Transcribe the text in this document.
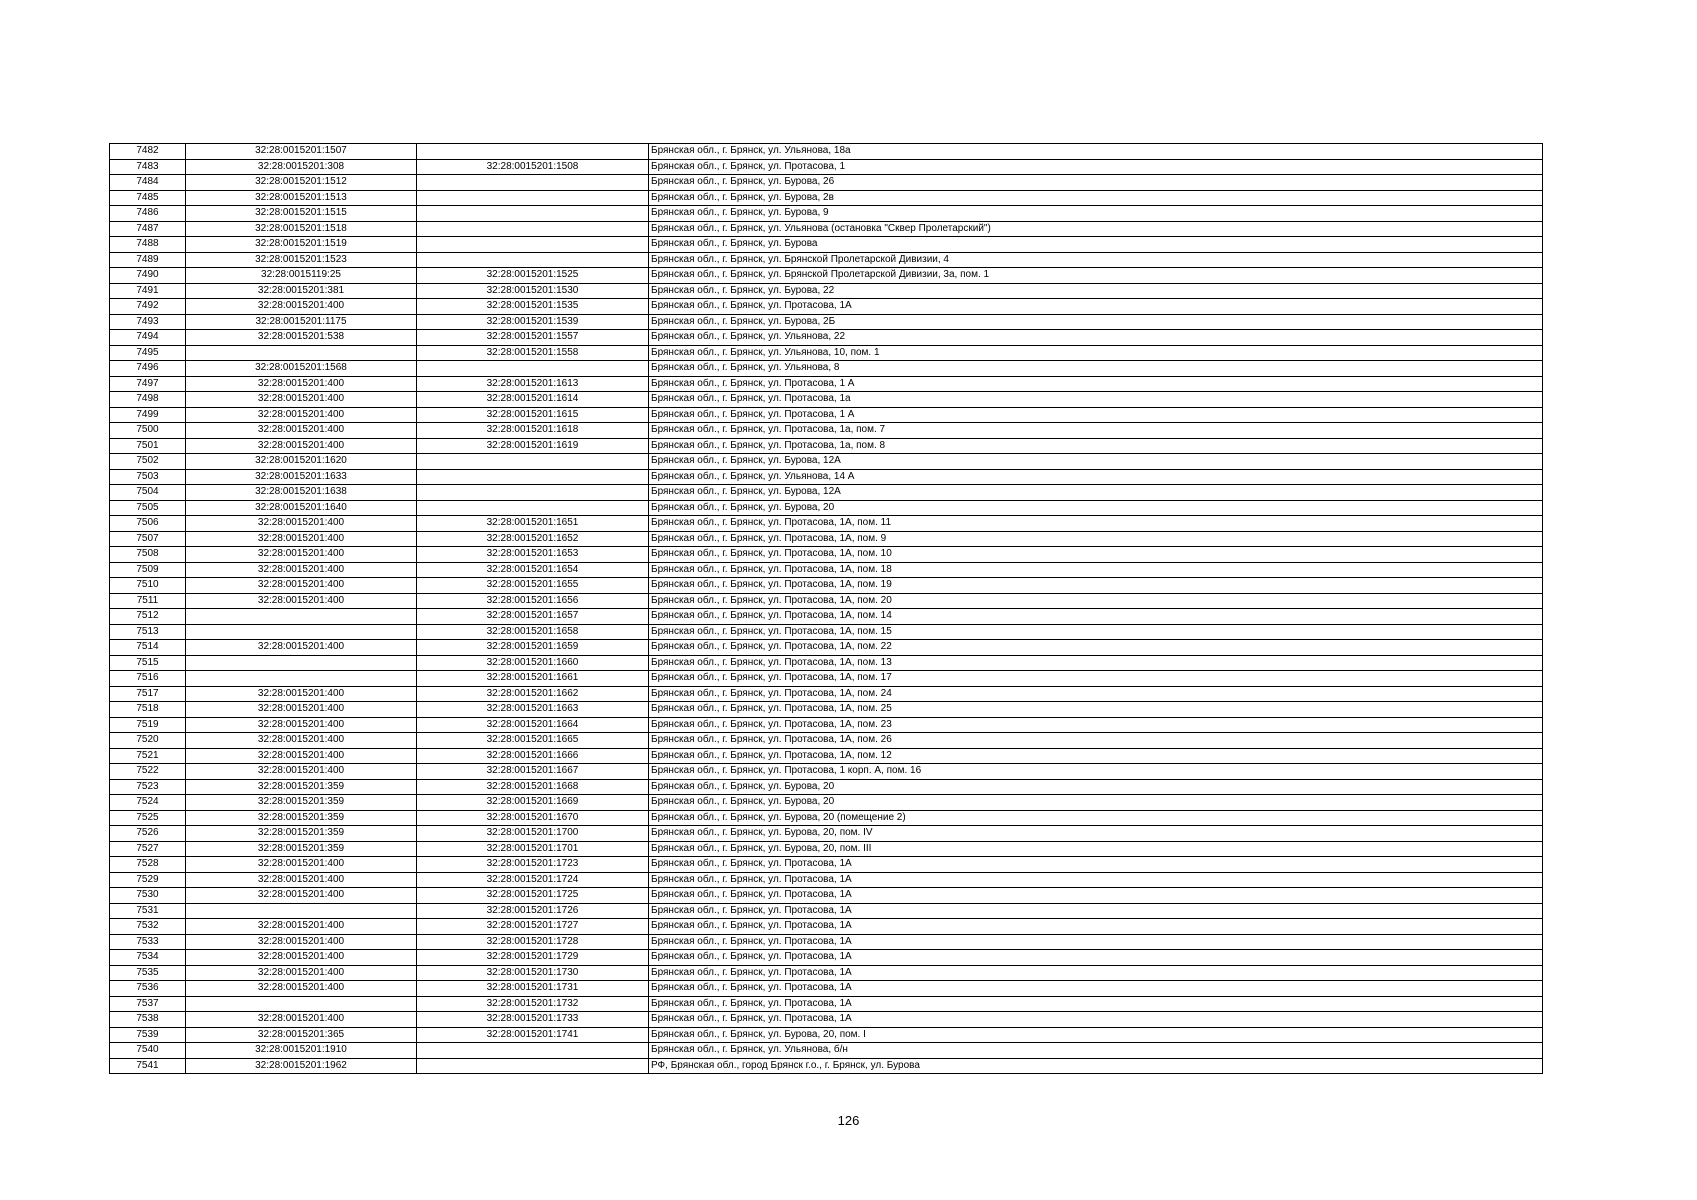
7482	32:28:0015201:1507		Брянская обл., г. Брянск, ул. Ульянова, 18а
7483	32:28:0015201:308	32:28:0015201:1508	Брянская обл., г. Брянск, ул. Протасова, 1
7484	32:28:0015201:1512		Брянская обл., г. Брянск, ул. Бурова, 26
7485	32:28:0015201:1513		Брянская обл., г. Брянск, ул. Бурова, 2в
7486	32:28:0015201:1515		Брянская обл., г. Брянск, ул. Бурова, 9
7487	32:28:0015201:1518		Брянская обл., г. Брянск, ул. Ульянова (остановка "Сквер Пролетарский")
7488	32:28:0015201:1519		Брянская обл., г. Брянск, ул. Бурова
7489	32:28:0015201:1523		Брянская обл., г. Брянск, ул. Брянской Пролетарской Дивизии, 4
7490	32:28:0015119:25	32:28:0015201:1525	Брянская обл., г. Брянск, ул. Брянской Пролетарской Дивизии, 3а, пом. 1
7491	32:28:0015201:381	32:28:0015201:1530	Брянская обл., г. Брянск, ул. Бурова, 22
7492	32:28:0015201:400	32:28:0015201:1535	Брянская обл., г. Брянск, ул. Протасова, 1А
7493	32:28:0015201:1175	32:28:0015201:1539	Брянская обл., г. Брянск, ул. Бурова, 2Б
7494	32:28:0015201:538	32:28:0015201:1557	Брянская обл., г. Брянск, ул. Ульянова, 22
7495		32:28:0015201:1558	Брянская обл., г. Брянск, ул. Ульянова, 10, пом. 1
7496	32:28:0015201:1568		Брянская обл., г. Брянск, ул. Ульянова, 8
7497	32:28:0015201:400	32:28:0015201:1613	Брянская обл., г. Брянск, ул. Протасова, 1 А
7498	32:28:0015201:400	32:28:0015201:1614	Брянская обл., г. Брянск, ул. Протасова, 1а
7499	32:28:0015201:400	32:28:0015201:1615	Брянская обл., г. Брянск, ул. Протасова, 1 А
7500	32:28:0015201:400	32:28:0015201:1618	Брянская обл., г. Брянск, ул. Протасова, 1а, пом. 7
7501	32:28:0015201:400	32:28:0015201:1619	Брянская обл., г. Брянск, ул. Протасова, 1а, пом. 8
7502	32:28:0015201:1620		Брянская обл., г. Брянск, ул. Бурова, 12А
7503	32:28:0015201:1633		Брянская обл., г. Брянск, ул. Ульянова, 14 А
7504	32:28:0015201:1638		Брянская обл., г. Брянск, ул. Бурова, 12А
7505	32:28:0015201:1640		Брянская обл., г. Брянск, ул. Бурова, 20
7506	32:28:0015201:400	32:28:0015201:1651	Брянская обл., г. Брянск, ул. Протасова, 1А, пом. 11
7507	32:28:0015201:400	32:28:0015201:1652	Брянская обл., г. Брянск, ул. Протасова, 1А, пом. 9
7508	32:28:0015201:400	32:28:0015201:1653	Брянская обл., г. Брянск, ул. Протасова, 1А, пом. 10
7509	32:28:0015201:400	32:28:0015201:1654	Брянская обл., г. Брянск, ул. Протасова, 1А, пом. 18
7510	32:28:0015201:400	32:28:0015201:1655	Брянская обл., г. Брянск, ул. Протасова, 1А, пом. 19
7511	32:28:0015201:400	32:28:0015201:1656	Брянская обл., г. Брянск, ул. Протасова, 1А, пом. 20
7512		32:28:0015201:1657	Брянская обл., г. Брянск, ул. Протасова, 1А, пом. 14
7513		32:28:0015201:1658	Брянская обл., г. Брянск, ул. Протасова, 1А, пом. 15
7514	32:28:0015201:400	32:28:0015201:1659	Брянская обл., г. Брянск, ул. Протасова, 1А, пом. 22
7515		32:28:0015201:1660	Брянская обл., г. Брянск, ул. Протасова, 1А, пом. 13
7516		32:28:0015201:1661	Брянская обл., г. Брянск, ул. Протасова, 1А, пом. 17
7517	32:28:0015201:400	32:28:0015201:1662	Брянская обл., г. Брянск, ул. Протасова, 1А, пом. 24
7518	32:28:0015201:400	32:28:0015201:1663	Брянская обл., г. Брянск, ул. Протасова, 1А, пом. 25
7519	32:28:0015201:400	32:28:0015201:1664	Брянская обл., г. Брянск, ул. Протасова, 1А, пом. 23
7520	32:28:0015201:400	32:28:0015201:1665	Брянская обл., г. Брянск, ул. Протасова, 1А, пом. 26
7521	32:28:0015201:400	32:28:0015201:1666	Брянская обл., г. Брянск, ул. Протасова, 1А, пом. 12
7522	32:28:0015201:400	32:28:0015201:1667	Брянская обл., г. Брянск, ул. Протасова, 1 корп. А, пом. 16
7523	32:28:0015201:359	32:28:0015201:1668	Брянская обл., г. Брянск, ул. Бурова, 20
7524	32:28:0015201:359	32:28:0015201:1669	Брянская обл., г. Брянск, ул. Бурова, 20
7525	32:28:0015201:359	32:28:0015201:1670	Брянская обл., г. Брянск, ул. Бурова, 20 (помещение 2)
7526	32:28:0015201:359	32:28:0015201:1700	Брянская обл., г. Брянск, ул. Бурова, 20, пом. IV
7527	32:28:0015201:359	32:28:0015201:1701	Брянская обл., г. Брянск, ул. Бурова, 20, пом. III
7528	32:28:0015201:400	32:28:0015201:1723	Брянская обл., г. Брянск, ул. Протасова, 1А
7529	32:28:0015201:400	32:28:0015201:1724	Брянская обл., г. Брянск, ул. Протасова, 1А
7530	32:28:0015201:400	32:28:0015201:1725	Брянская обл., г. Брянск, ул. Протасова, 1А
7531		32:28:0015201:1726	Брянская обл., г. Брянск, ул. Протасова, 1А
7532	32:28:0015201:400	32:28:0015201:1727	Брянская обл., г. Брянск, ул. Протасова, 1А
7533	32:28:0015201:400	32:28:0015201:1728	Брянская обл., г. Брянск, ул. Протасова, 1А
7534	32:28:0015201:400	32:28:0015201:1729	Брянская обл., г. Брянск, ул. Протасова, 1А
7535	32:28:0015201:400	32:28:0015201:1730	Брянская обл., г. Брянск, ул. Протасова, 1А
7536	32:28:0015201:400	32:28:0015201:1731	Брянская обл., г. Брянск, ул. Протасова, 1А
7537		32:28:0015201:1732	Брянская обл., г. Брянск, ул. Протасова, 1А
7538	32:28:0015201:400	32:28:0015201:1733	Брянская обл., г. Брянск, ул. Протасова, 1А
7539	32:28:0015201:365	32:28:0015201:1741	Брянская обл., г. Брянск, ул. Бурова, 20, пом. I
7540	32:28:0015201:1910		Брянская обл., г. Брянск, ул. Ульянова, б/н
7541	32:28:0015201:1962		РФ, Брянская обл., город Брянск г.о., г. Брянск, ул. Бурова
126
